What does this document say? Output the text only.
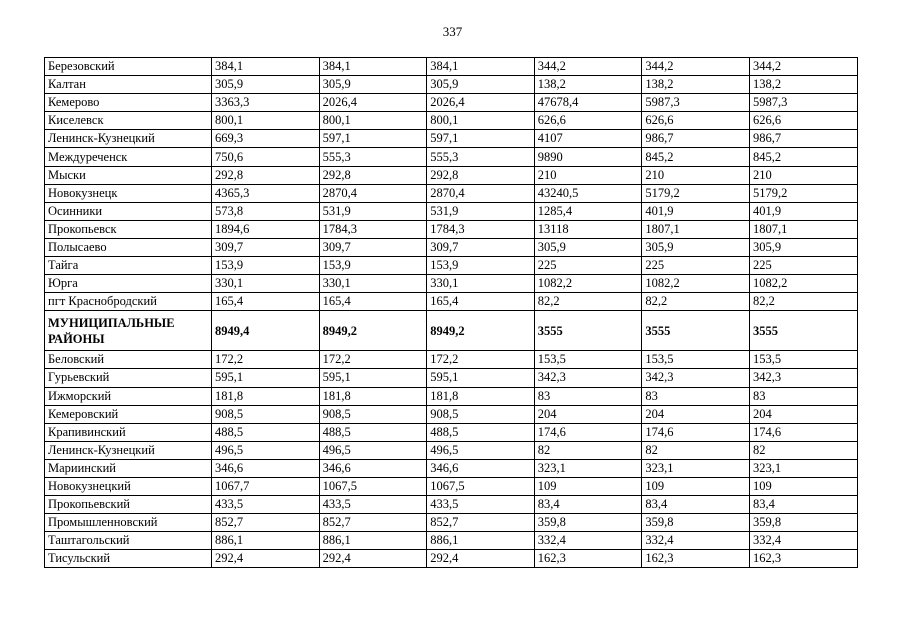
337
Березовский	384,1	384,1	384,1	344,2	344,2	344,2
Калтан	305,9	305,9	305,9	138,2	138,2	138,2
Кемерово	3363,3	2026,4	2026,4	47678,4	5987,3	5987,3
Киселевск	800,1	800,1	800,1	626,6	626,6	626,6
Ленинск-Кузнецкий	669,3	597,1	597,1	4107	986,7	986,7
Междуреченск	750,6	555,3	555,3	9890	845,2	845,2
Мыски	292,8	292,8	292,8	210	210	210
Новокузнецк	4365,3	2870,4	2870,4	43240,5	5179,2	5179,2
Осинники	573,8	531,9	531,9	1285,4	401,9	401,9
Прокопьевск	1894,6	1784,3	1784,3	13118	1807,1	1807,1
Полысаево	309,7	309,7	309,7	305,9	305,9	305,9
Тайга	153,9	153,9	153,9	225	225	225
Юрга	330,1	330,1	330,1	1082,2	1082,2	1082,2
пгт Краснобродский	165,4	165,4	165,4	82,2	82,2	82,2
МУНИЦИПАЛЬНЫЕ РАЙОНЫ	8949,4	8949,2	8949,2	3555	3555	3555
Беловский	172,2	172,2	172,2	153,5	153,5	153,5
Гурьевский	595,1	595,1	595,1	342,3	342,3	342,3
Ижморский	181,8	181,8	181,8	83	83	83
Кемеровский	908,5	908,5	908,5	204	204	204
Крапивинский	488,5	488,5	488,5	174,6	174,6	174,6
Ленинск-Кузнецкий	496,5	496,5	496,5	82	82	82
Мариинский	346,6	346,6	346,6	323,1	323,1	323,1
Новокузнецкий	1067,7	1067,5	1067,5	109	109	109
Прокопьевский	433,5	433,5	433,5	83,4	83,4	83,4
Промышленновский	852,7	852,7	852,7	359,8	359,8	359,8
Таштагольский	886,1	886,1	886,1	332,4	332,4	332,4
Тисульский	292,4	292,4	292,4	162,3	162,3	162,3
